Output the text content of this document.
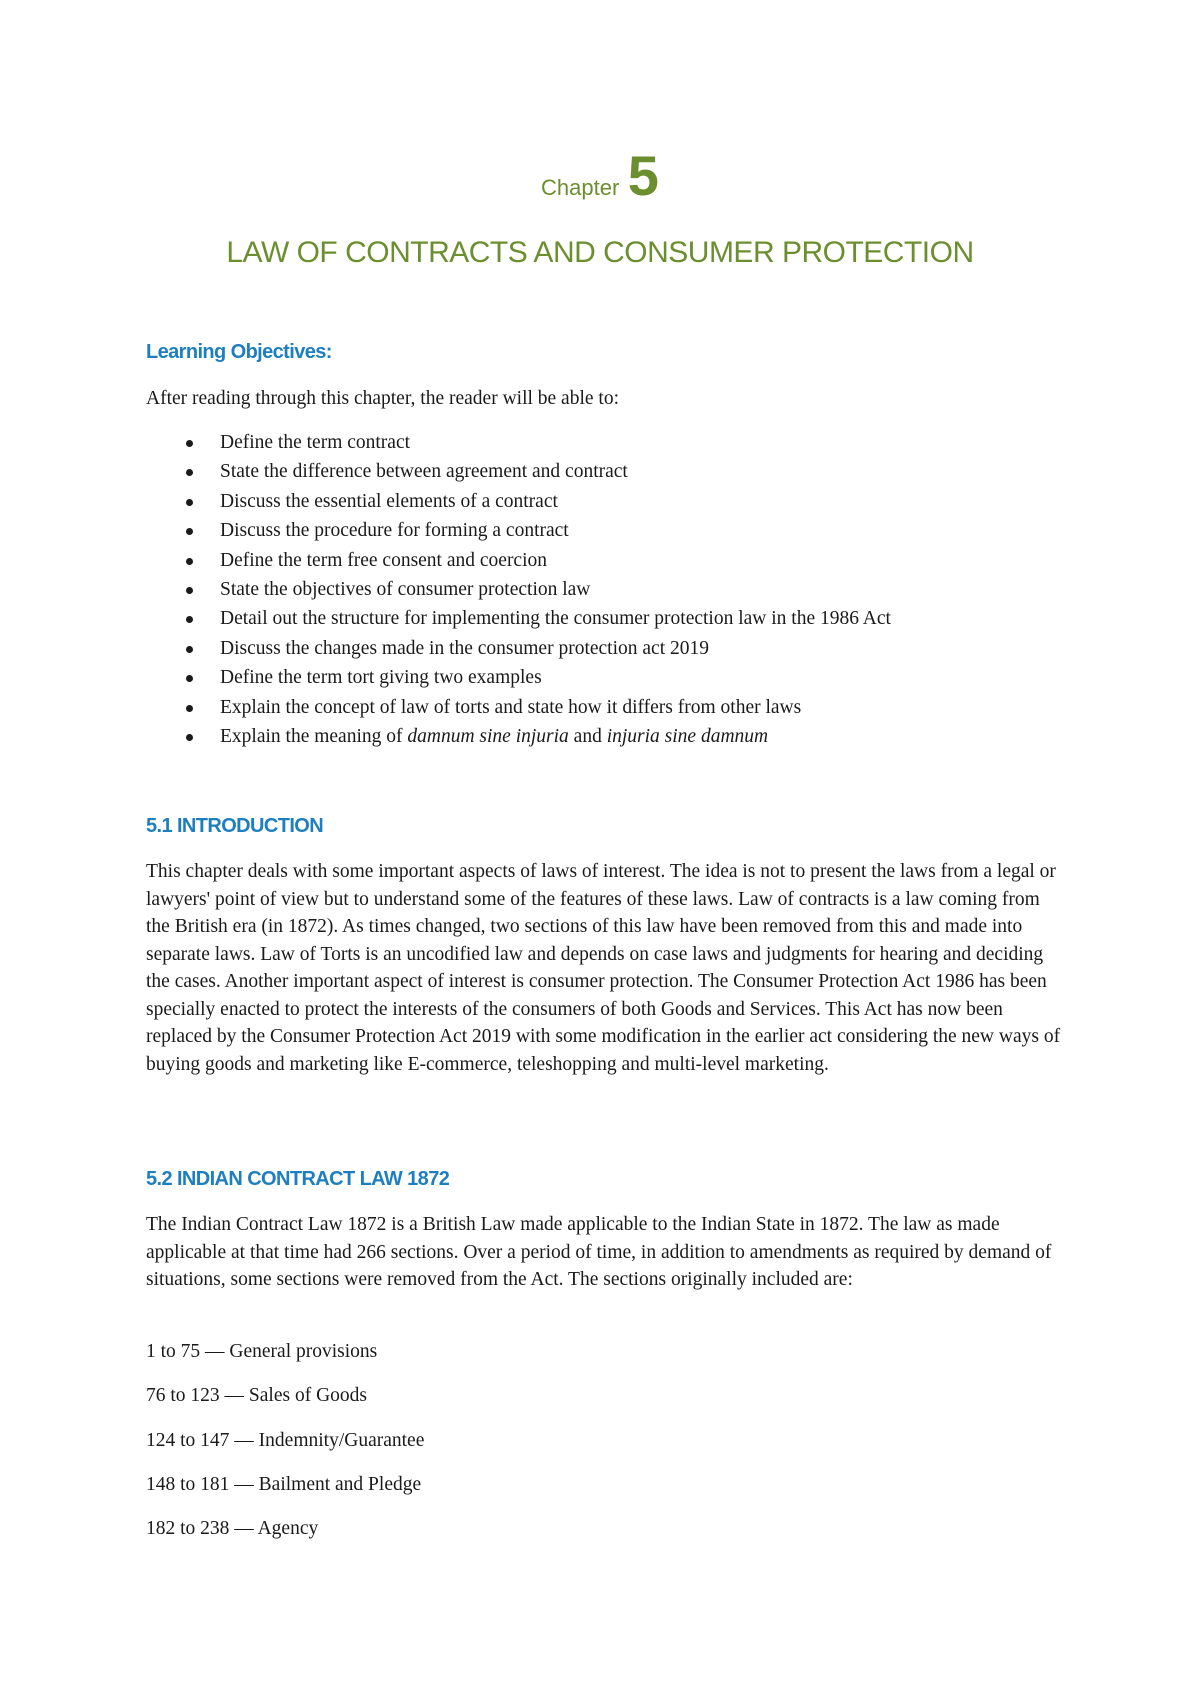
Chapter 5
LAW OF CONTRACTS AND CONSUMER PROTECTION
Learning Objectives:

After reading through this chapter, the reader will be able to:

Define the term contract
State the difference between agreement and contract
Discuss the essential elements of a contract
Discuss the procedure for forming a contract
Define the term free consent and coercion
State the objectives of consumer protection law
Detail out the structure for implementing the consumer protection law in the 1986 Act
Discuss the changes made in the consumer protection act 2019
Define the term tort giving two examples
Explain the concept of law of torts and state how it differs from other laws
Explain the meaning of damnum sine injuria and injuria sine damnum
5.1 INTRODUCTION

This chapter deals with some important aspects of laws of interest. The idea is not to present the laws from a legal or lawyers' point of view but to understand some of the features of these laws. Law of contracts is a law coming from the British era (in 1872). As times changed, two sections of this law have been removed from this and made into separate laws. Law of Torts is an uncodified law and depends on case laws and judgments for hearing and deciding the cases. Another important aspect of interest is consumer protection. The Consumer Protection Act 1986 has been specially enacted to protect the interests of the consumers of both Goods and Services. This Act has now been replaced by the Consumer Protection Act 2019 with some modification in the earlier act considering the new ways of buying goods and marketing like E-commerce, teleshopping and multi-level marketing.

5.2 INDIAN CONTRACT LAW 1872

The Indian Contract Law 1872 is a British Law made applicable to the Indian State in 1872. The law as made applicable at that time had 266 sections. Over a period of time, in addition to amendments as required by demand of situations, some sections were removed from the Act. The sections originally included are:

1 to 75 — General provisions

76 to 123 — Sales of Goods

124 to 147 — Indemnity/Guarantee

148 to 181 — Bailment and Pledge

182 to 238 — Agency
